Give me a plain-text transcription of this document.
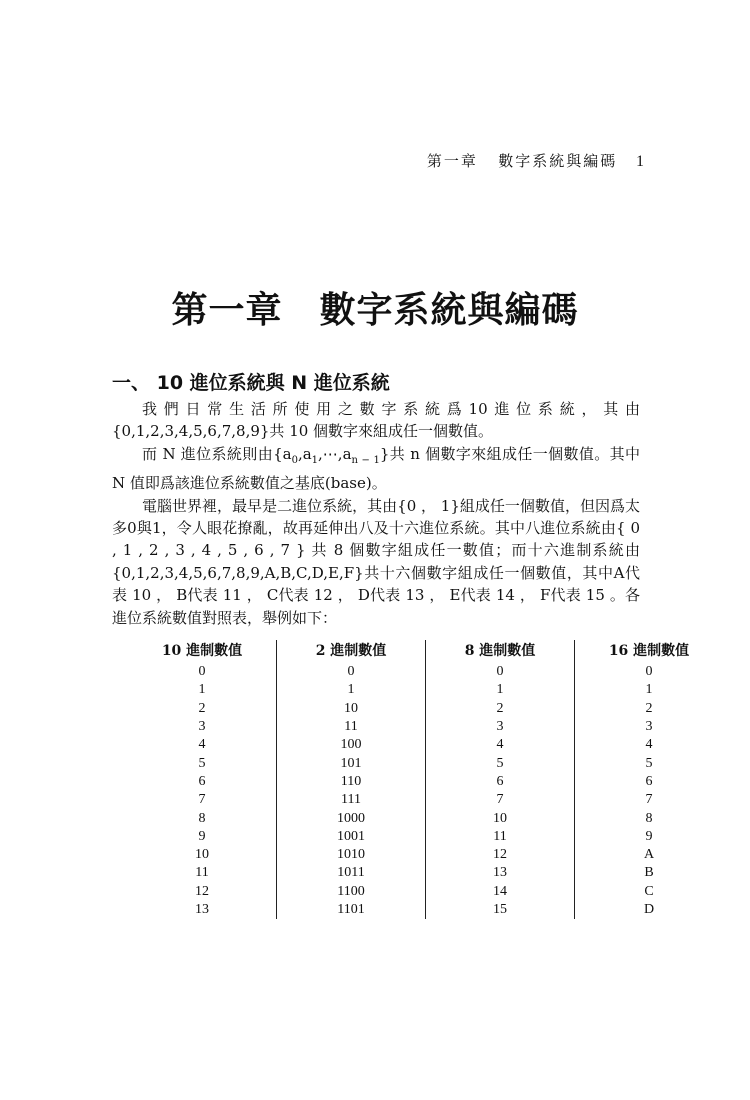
第一章 數字系統與編碼 1
第一章　數字系統與編碼
一、 10 進位系統與 N 進位系統

我們日常生活所使用之數字系統爲10進位系統，其由{0,1,2,3,4,5,6,7,8,9}共 10 個數字來組成任一個數值。

而 N 進位系統則由$\{a_0,a_1,\cdots,a_{n - 1}\}$共 n 個數字來組成任一個數值。其中 N 值即爲該進位系統數值之基底(base)。

電腦世界裡，最早是二進位系統，其由{0 ， 1}組成任一個數值，但因爲太多0與1，令人眼花撩亂，故再延伸出八及十六進位系統。其中八進位系統由{ 0 , 1 , 2 , 3 , 4 , 5 , 6 , 7 } 共 8 個數字組成任一數值；而十六進制系統由{0,1,2,3,4,5,6,7,8,9,A,B,C,D,E,F}共十六個數字組成任一個數值，其中A代表 10 ， B代表 11 ， C代表 12 ， D代表 13 ， E代表 14 ， F代表 15 。各進位系統數值對照表，舉例如下：

10 進制數值	2 進制數值	8 進制數值	16 進制數值
0	0	0	0
1	1	1	1
2	10	2	2
3	11	3	3
4	100	4	4
5	101	5	5
6	110	6	6
7	111	7	7
8	1000	10	8
9	1001	11	9
10	1010	12	A
11	1011	13	B
12	1100	14	C
13	1101	15	D
